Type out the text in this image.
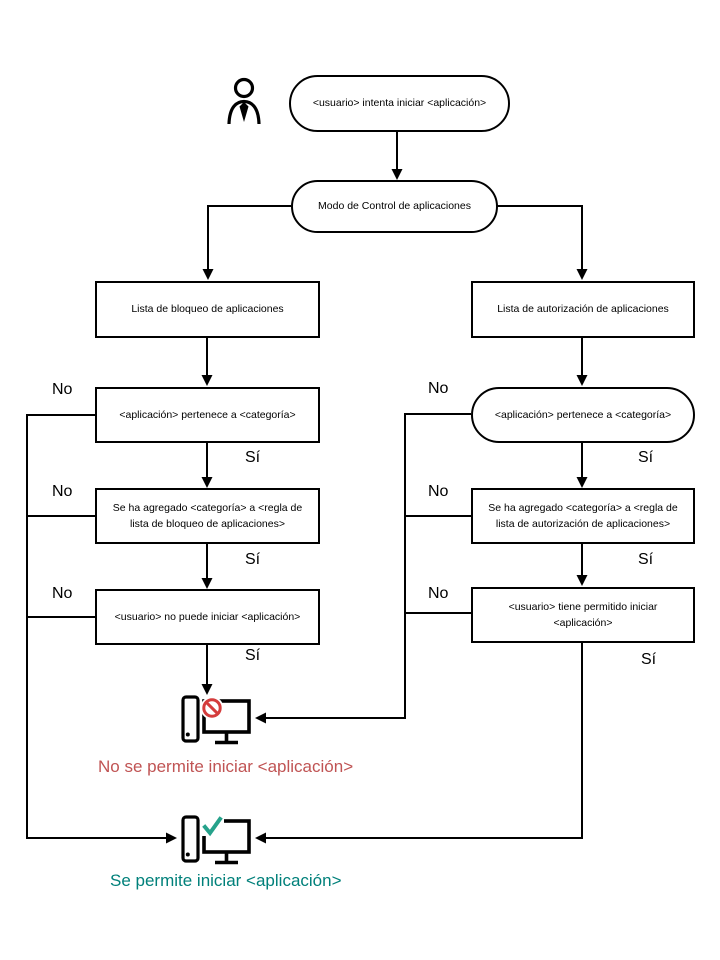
<usuario> intenta iniciar <aplicación>
Modo de Control de aplicaciones
Lista de bloqueo de aplicaciones	Lista de autorización de aplicaciones
<aplicación> pertenece a <categoría>
Se ha agregado <categoría> a <regla de lista de bloqueo de aplicaciones>
<usuario> no puede iniciar <aplicación>
<aplicación> pertenece a <categoría>
Se ha agregado <categoría> a <regla de lista de autorización de aplicaciones>
<usuario> tiene permitido iniciar <aplicación>
No
No
No
Sí
Sí
Sí
No
No
No
Sí
Sí
Sí
No se permite iniciar <aplicación>
Se permite iniciar <aplicación>
